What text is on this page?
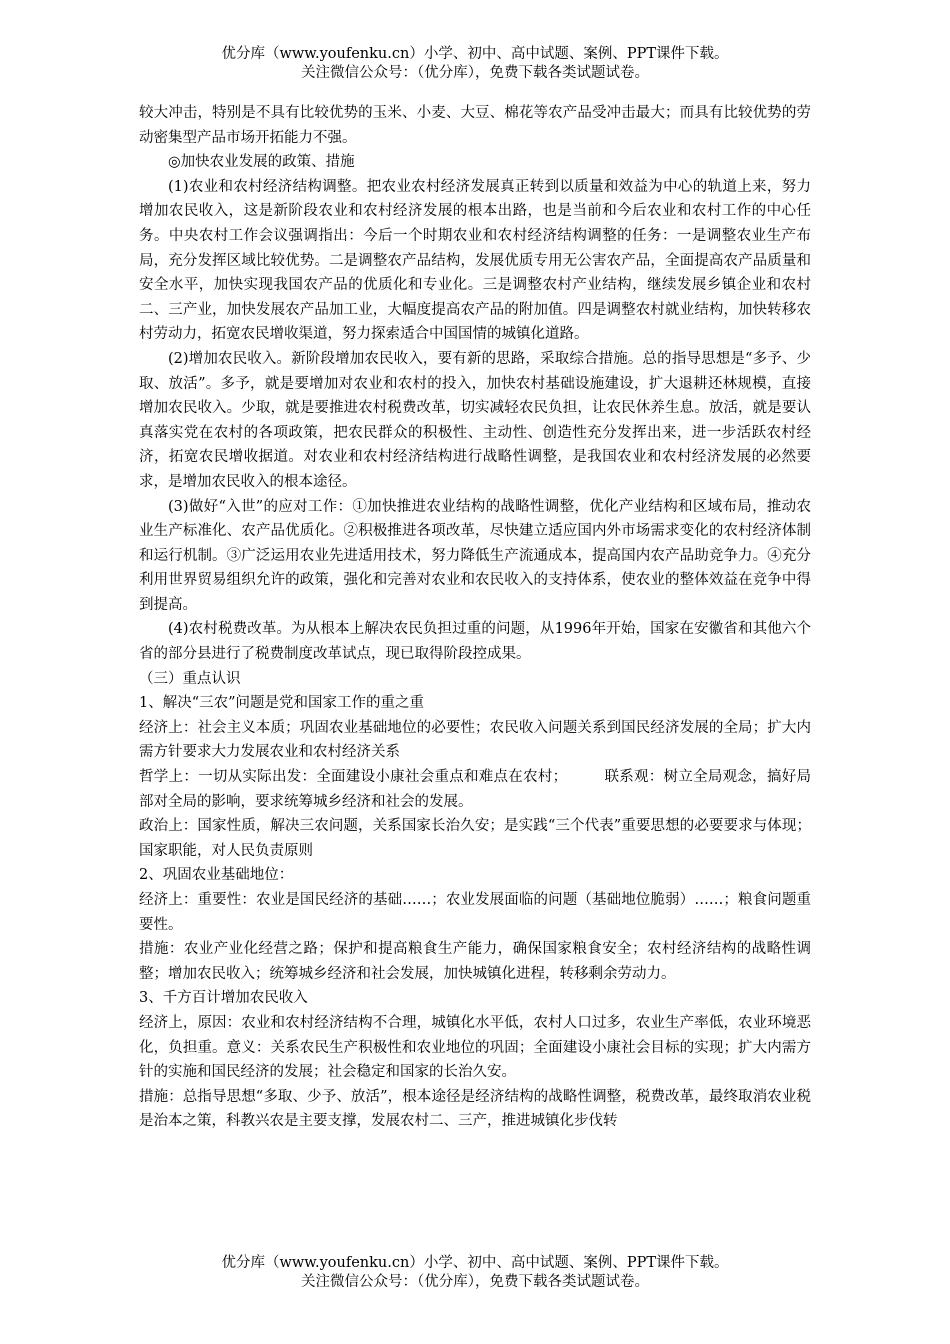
优分库（www.youfenku.cn）小学、初中、高中试题、案例、PPT课件下载。
关注微信公众号：（优分库），免费下载各类试题试卷。

较大冲击，特别是不具有比较优势的玉米、小麦、大豆、棉花等农产品受冲击最大；而具有比较优势的劳动密集型产品市场开拓能力不强。

◎加快农业发展的政策、措施

(1)农业和农村经济结构调整。把农业农村经济发展真正转到以质量和效益为中心的轨道上来，努力增加农民收入，这是新阶段农业和农村经济发展的根本出路，也是当前和今后农业和农村工作的中心任务。中央农村工作会议强调指出：今后一个时期农业和农村经济结构调整的任务：一是调整农业生产布局，充分发挥区域比较优势。二是调整农产品结构，发展优质专用无公害农产品，全面提高农产品质量和安全水平，加快实现我国农产品的优质化和专业化。三是调整农村产业结构，继续发展乡镇企业和农村二、三产业，加快发展农产品加工业，大幅度提高农产品的附加值。四是调整农村就业结构，加快转移农村劳动力，拓宽农民增收渠道，努力探索适合中国国情的城镇化道路。

(2)增加农民收入。新阶段增加农民收入，要有新的思路，采取综合措施。总的指导思想是“多予、少取、放活”。多予，就是要增加对农业和农村的投入，加快农村基础设施建设，扩大退耕还林规模，直接增加农民收入。少取，就是要推进农村税费改革，切实减轻农民负担，让农民休养生息。放活，就是要认真落实党在农村的各项政策，把农民群众的积极性、主动性、创造性充分发挥出来，进一步活跃农村经济，拓宽农民增收据道。对农业和农村经济结构进行战略性调整，是我国农业和农村经济发展的必然要求，是增加农民收入的根本途径。

(3)做好“入世”的应对工作：①加快推进农业结构的战略性调整，优化产业结构和区域布局，推动农业生产标准化、农产品优质化。②积极推进各项改革，尽快建立适应国内外市场需求变化的农村经济体制和运行机制。③广泛运用农业先进适用技术，努力降低生产流通成本，提高国内农产品助竞争力。④充分利用世界贸易组织允许的政策，强化和完善对农业和农民收入的支持体系，使农业的整体效益在竞争中得到提高。

(4)农村税费改革。为从根本上解决农民负担过重的问题，从1996年开始，国家在安徽省和其他六个省的部分县进行了税费制度改革试点，现已取得阶段控成果。

（三）重点认识

1、解决“三农”问题是党和国家工作的重之重

经济上：社会主义本质；巩固农业基础地位的必要性；农民收入问题关系到国民经济发展的全局；扩大内需方针要求大力发展农业和农村经济关系

哲学上：一切从实际出发：全面建设小康社会重点和难点在农村；　　　联系观：树立全局观念，搞好局部对全局的影响，要求统筹城乡经济和社会的发展。

政治上：国家性质，解决三农问题，关系国家长治久安；是实践“三个代表”重要思想的必要要求与体现；国家职能，对人民负责原则

2、巩固农业基础地位：

经济上：重要性：农业是国民经济的基础……；农业发展面临的问题（基础地位脆弱）……；粮食问题重要性。

措施：农业产业化经营之路；保护和提高粮食生产能力，确保国家粮食安全；农村经济结构的战略性调整；增加农民收入；统筹城乡经济和社会发展，加快城镇化进程，转移剩余劳动力。

3、千方百计增加农民收入

经济上，原因：农业和农村经济结构不合理，城镇化水平低，农村人口过多，农业生产率低，农业环境恶化，负担重。意义：关系农民生产积极性和农业地位的巩固；全面建设小康社会目标的实现；扩大内需方针的实施和国民经济的发展；社会稳定和国家的长治久安。

措施：总指导思想“多取、少予、放活”，根本途径是经济结构的战略性调整，税费改革，最终取消农业税是治本之策，科教兴农是主要支撑，发展农村二、三产，推进城镇化步伐转

优分库（www.youfenku.cn）小学、初中、高中试题、案例、PPT课件下载。
关注微信公众号：（优分库），免费下载各类试题试卷。
